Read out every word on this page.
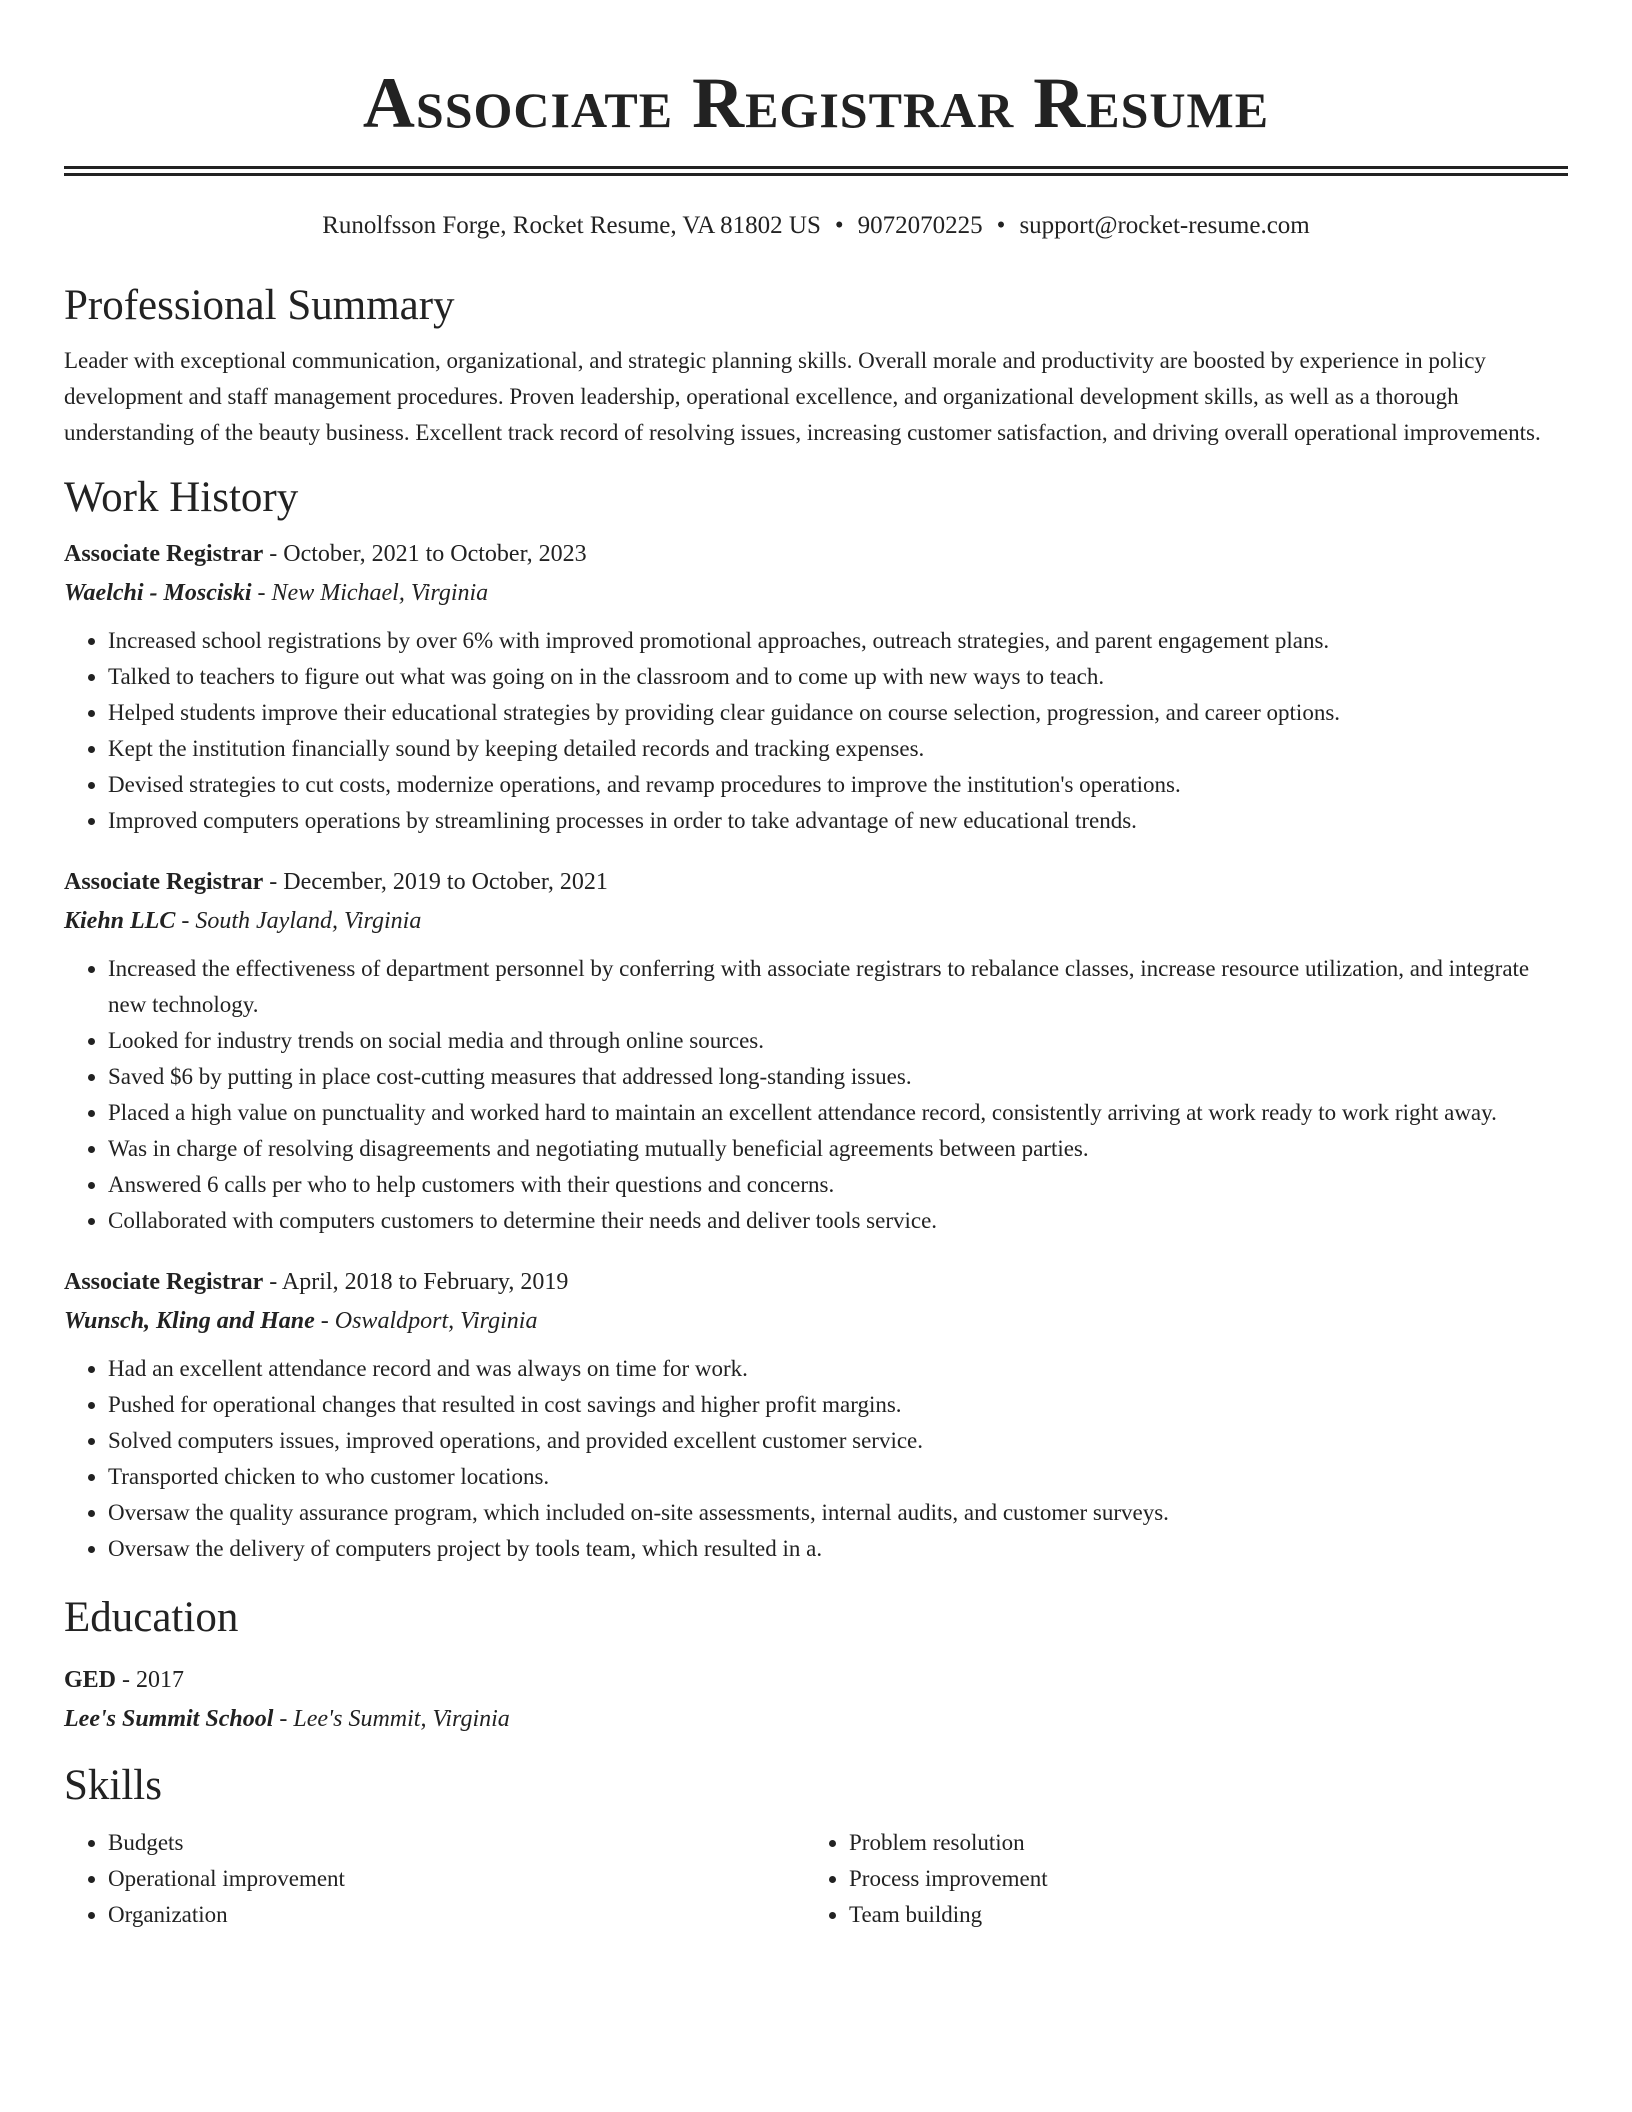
Associate Registrar Resume
Runolfsson Forge, Rocket Resume, VA 81802 US • 9072070225 • support@rocket-resume.com
Professional Summary
Leader with exceptional communication, organizational, and strategic planning skills. Overall morale and productivity are boosted by experience in policy development and staff management procedures. Proven leadership, operational excellence, and organizational development skills, as well as a thorough understanding of the beauty business. Excellent track record of resolving issues, increasing customer satisfaction, and driving overall operational improvements.
Work History
Associate Registrar - October, 2021 to October, 2023
Waelchi - Mosciski - New Michael, Virginia
• Increased school registrations by over 6% with improved promotional approaches, outreach strategies, and parent engagement plans.
• Talked to teachers to figure out what was going on in the classroom and to come up with new ways to teach.
• Helped students improve their educational strategies by providing clear guidance on course selection, progression, and career options.
• Kept the institution financially sound by keeping detailed records and tracking expenses.
• Devised strategies to cut costs, modernize operations, and revamp procedures to improve the institution's operations.
• Improved computers operations by streamlining processes in order to take advantage of new educational trends.
Associate Registrar - December, 2019 to October, 2021
Kiehn LLC - South Jayland, Virginia
• Increased the effectiveness of department personnel by conferring with associate registrars to rebalance classes, increase resource utilization, and integrate new technology.
• Looked for industry trends on social media and through online sources.
• Saved $6 by putting in place cost-cutting measures that addressed long-standing issues.
• Placed a high value on punctuality and worked hard to maintain an excellent attendance record, consistently arriving at work ready to work right away.
• Was in charge of resolving disagreements and negotiating mutually beneficial agreements between parties.
• Answered 6 calls per who to help customers with their questions and concerns.
• Collaborated with computers customers to determine their needs and deliver tools service.
Associate Registrar - April, 2018 to February, 2019
Wunsch, Kling and Hane - Oswaldport, Virginia
• Had an excellent attendance record and was always on time for work.
• Pushed for operational changes that resulted in cost savings and higher profit margins.
• Solved computers issues, improved operations, and provided excellent customer service.
• Transported chicken to who customer locations.
• Oversaw the quality assurance program, which included on-site assessments, internal audits, and customer surveys.
• Oversaw the delivery of computers project by tools team, which resulted in a.
Education
GED - 2017
Lee's Summit School - Lee's Summit, Virginia
Skills
• Budgets
• Operational improvement
• Organization
• Problem resolution
• Process improvement
• Team building
